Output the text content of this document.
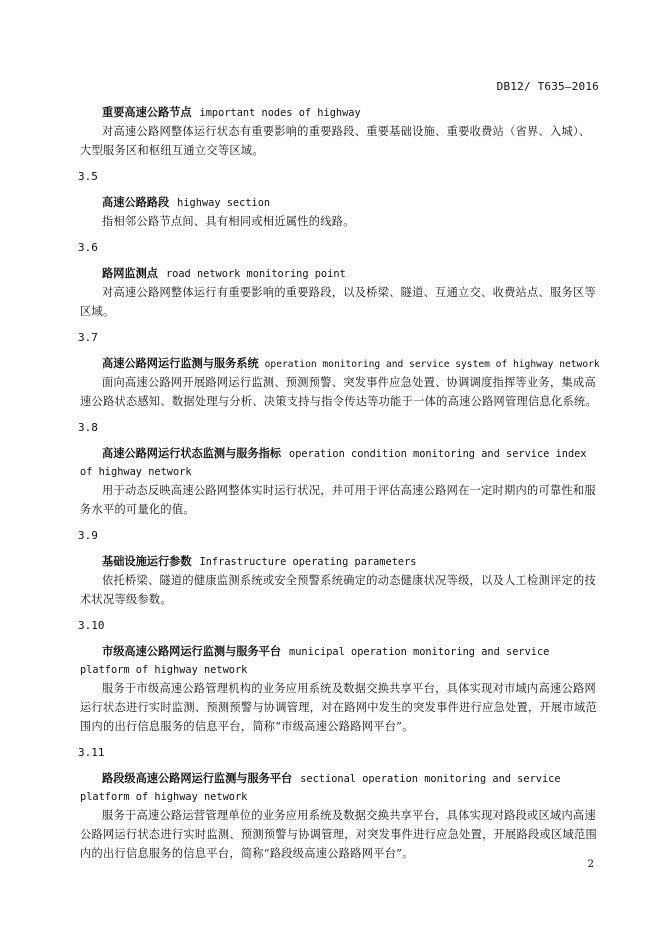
DB12/ T635—2016

重要高速公路节点 important nodes of highway

对高速公路网整体运行状态有重要影响的重要路段、重要基础设施、重要收费站（省界、入城）、大型服务区和枢纽互通立交等区域。

3.5

高速公路路段 highway section

指相邻公路节点间、具有相同或相近属性的线路。

3.6

路网监测点 road network monitoring point

对高速公路网整体运行有重要影响的重要路段，以及桥梁、隧道、互通立交、收费站点、服务区等区域。

3.7

高速公路网运行监测与服务系统 operation monitoring and service system of highway network

面向高速公路网开展路网运行监测、预测预警、突发事件应急处置、协调调度指挥等业务，集成高速公路状态感知、数据处理与分析、决策支持与指令传达等功能于一体的高速公路网管理信息化系统。

3.8

高速公路网运行状态监测与服务指标 operation condition monitoring and service index of highway network

用于动态反映高速公路网整体实时运行状况，并可用于评估高速公路网在一定时期内的可靠性和服务水平的可量化的值。

3.9

基础设施运行参数 Infrastructure operating parameters

依托桥梁、隧道的健康监测系统或安全预警系统确定的动态健康状况等级，以及人工检测评定的技术状况等级参数。

3.10

市级高速公路网运行监测与服务平台 municipal operation monitoring and service platform of highway network

服务于市级高速公路管理机构的业务应用系统及数据交换共享平台，具体实现对市域内高速公路网运行状态进行实时监测、预测预警与协调管理，对在路网中发生的突发事件进行应急处置，开展市域范围内的出行信息服务的信息平台，简称“市级高速公路路网平台”。

3.11

路段级高速公路网运行监测与服务平台 sectional operation monitoring and service platform of highway network

服务于高速公路运营管理单位的业务应用系统及数据交换共享平台，具体实现对路段或区域内高速公路网运行状态进行实时监测、预测预警与协调管理，对突发事件进行应急处置，开展路段或区域范围内的出行信息服务的信息平台，简称“路段级高速公路路网平台”。

2
